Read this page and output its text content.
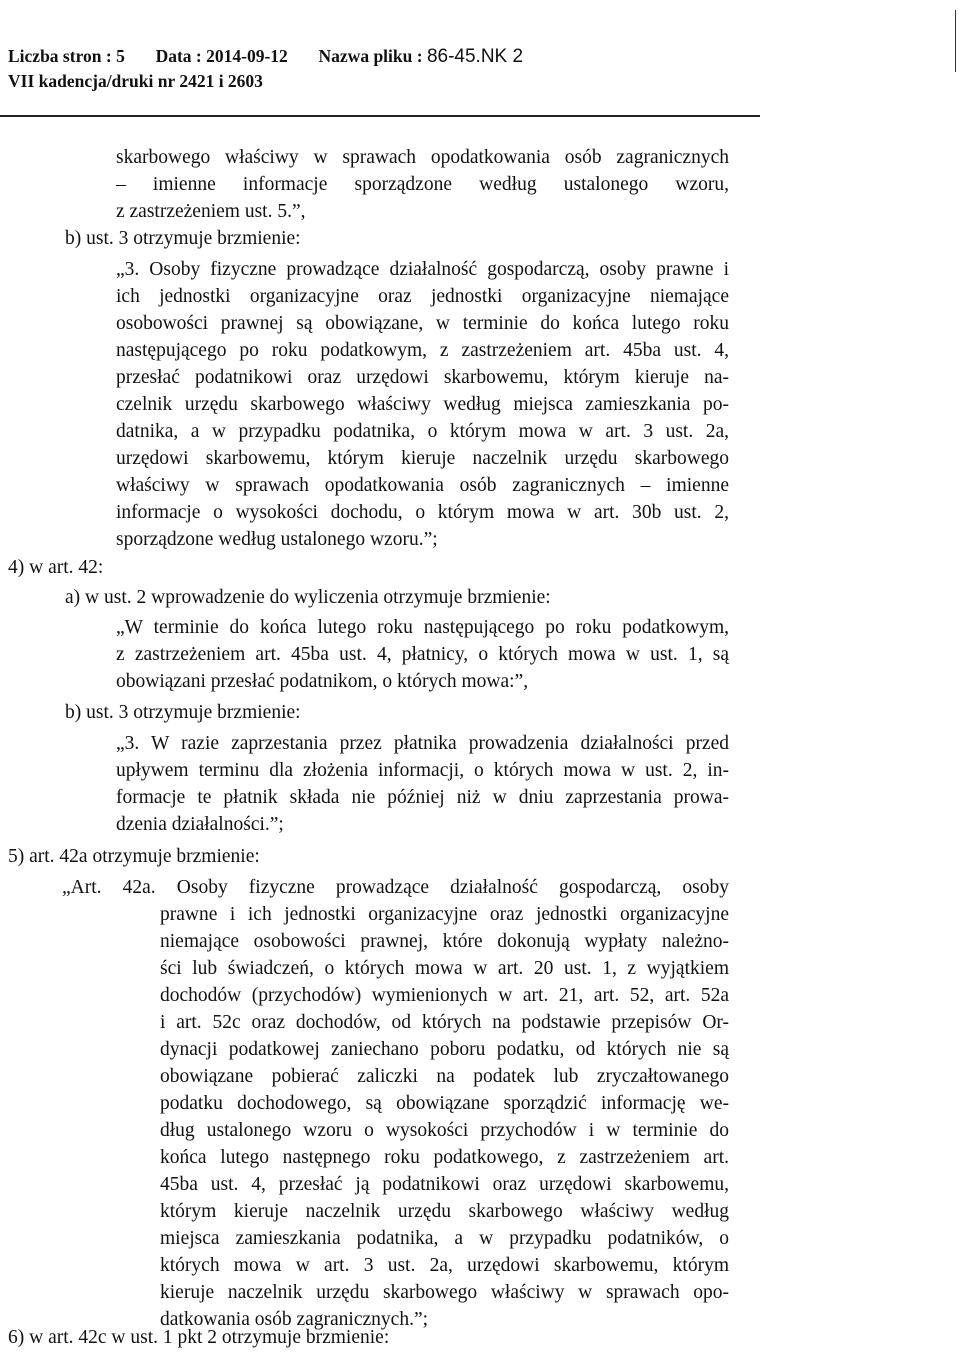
Liczba stron : 5 Data : 2014-09-12 Nazwa pliku : 86-45.NK 2
VII kadencja/druki nr 2421 i 2603
skarbowego właściwy w sprawach opodatkowania osób zagranicznych
– imienne informacje sporządzone według ustalonego wzoru,
z zastrzeżeniem ust. 5.”,
b) ust. 3 otrzymuje brzmienie:
„3. Osoby fizyczne prowadzące działalność gospodarczą, osoby prawne i
ich jednostki organizacyjne oraz jednostki organizacyjne niemające
osobowości prawnej są obowiązane, w terminie do końca lutego roku
następującego po roku podatkowym, z zastrzeżeniem art. 45ba ust. 4,
przesłać podatnikowi oraz urzędowi skarbowemu, którym kieruje na-
czelnik urzędu skarbowego właściwy według miejsca zamieszkania po-
datnika, a w przypadku podatnika, o którym mowa w art. 3 ust. 2a,
urzędowi skarbowemu, którym kieruje naczelnik urzędu skarbowego
właściwy w sprawach opodatkowania osób zagranicznych – imienne
informacje o wysokości dochodu, o którym mowa w art. 30b ust. 2,
sporządzone według ustalonego wzoru.”;
4) w art. 42:
a) w ust. 2 wprowadzenie do wyliczenia otrzymuje brzmienie:
„W terminie do końca lutego roku następującego po roku podatkowym,
z zastrzeżeniem art. 45ba ust. 4, płatnicy, o których mowa w ust. 1, są
obowiązani przesłać podatnikom, o których mowa:”,
b) ust. 3 otrzymuje brzmienie:
„3. W razie zaprzestania przez płatnika prowadzenia działalności przed
upływem terminu dla złożenia informacji, o których mowa w ust. 2, in-
formacje te płatnik składa nie później niż w dniu zaprzestania prowa-
dzenia działalności.”;
5) art. 42a otrzymuje brzmienie:
„Art. 42a. Osoby fizyczne prowadzące działalność gospodarczą, osoby
prawne i ich jednostki organizacyjne oraz jednostki organizacyjne
niemające osobowości prawnej, które dokonują wypłaty należno-
ści lub świadczeń, o których mowa w art. 20 ust. 1, z wyjątkiem
dochodów (przychodów) wymienionych w art. 21, art. 52, art. 52a
i art. 52c oraz dochodów, od których na podstawie przepisów Or-
dynacji podatkowej zaniechano poboru podatku, od których nie są
obowiązane pobierać zaliczki na podatek lub zryczałtowanego
podatku dochodowego, są obowiązane sporządzić informację we-
dług ustalonego wzoru o wysokości przychodów i w terminie do
końca lutego następnego roku podatkowego, z zastrzeżeniem art.
45ba ust. 4, przesłać ją podatnikowi oraz urzędowi skarbowemu,
którym kieruje naczelnik urzędu skarbowego właściwy według
miejsca zamieszkania podatnika, a w przypadku podatników, o
których mowa w art. 3 ust. 2a, urzędowi skarbowemu, którym
kieruje naczelnik urzędu skarbowego właściwy w sprawach opo-
datkowania osób zagranicznych.”;
6) w art. 42c w ust. 1 pkt 2 otrzymuje brzmienie:
